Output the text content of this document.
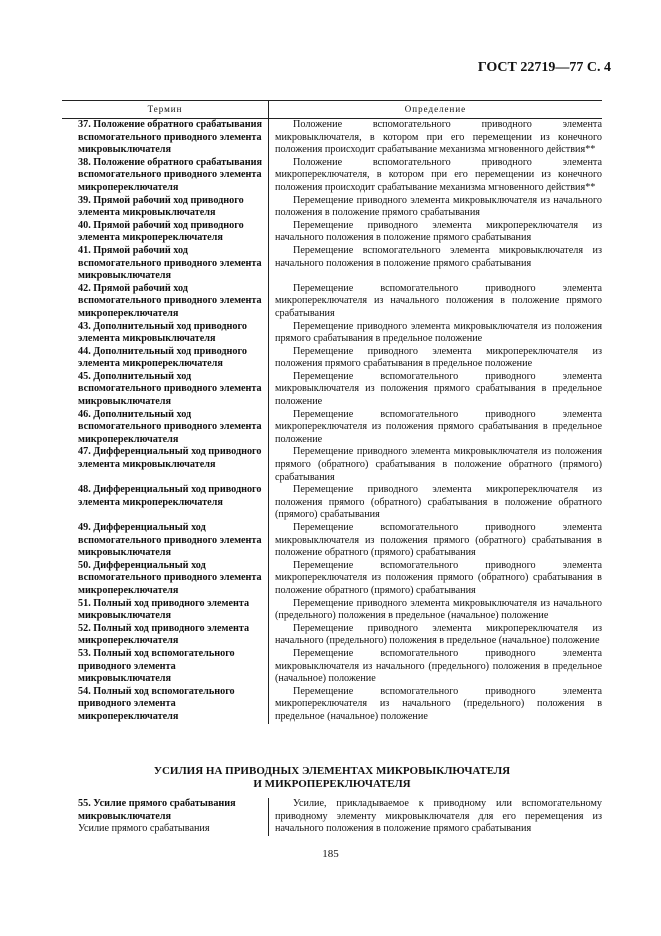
ГОСТ 22719—77 С. 4
Термин	Определение
37. Положение обратного срабатывания вспомогательного приводного элемента микровыключателя
Положение вспомогательного приводного элемента микровыключателя, в котором при его перемещении из конечного положения происходит срабатывание механизма мгновенного действия**
38. Положение обратного срабатывания вспомогательного приводного элемента микропереключателя
Положение вспомогательного приводного элемента микропереключателя, в котором при его перемещении из конечного положения происходит срабатывание механизма мгновенного действия**
39. Прямой рабочий ход приводного элемента микровыключателя
Перемещение приводного элемента микровыключателя из начального положения в положение прямого срабатывания
40. Прямой рабочий ход приводного элемента микропереключателя
Перемещение приводного элемента микропереключателя из начального положения в положение прямого срабатывания
41. Прямой рабочий ход вспомогательного приводного элемента микровыключателя
Перемещение вспомогательного элемента микровыключателя из начального положения в положение прямого срабатывания
42. Прямой рабочий ход вспомогательного приводного элемента микропереключателя
Перемещение вспомогательного приводного элемента микропереключателя из начального положения в положение прямого срабатывания
43. Дополнительный ход приводного элемента микровыключателя
Перемещение приводного элемента микровыключателя из положения прямого срабатывания в предельное положение
44. Дополнительный ход приводного элемента микропереключателя
Перемещение приводного элемента микропереключателя из положения прямого срабатывания в предельное положение
45. Дополнительный ход вспомогательного приводного элемента микровыключателя
Перемещение вспомогательного приводного элемента микровыключателя из положения прямого срабатывания в предельное положение
46. Дополнительный ход вспомогательного приводного элемента микропереключателя
Перемещение вспомогательного приводного элемента микропереключателя из положения прямого срабатывания в предельное положение
47. Дифференциальный ход приводного элемента микровыключателя
Перемещение приводного элемента микровыключателя из положения прямого (обратного) срабатывания в положение обратного (прямого) срабатывания
48. Дифференциальный ход приводного элемента микропереключателя
Перемещение приводного элемента микропереключателя из положения прямого (обратного) срабатывания в положение обратного (прямого) срабатывания
49. Дифференциальный ход вспомогательного приводного элемента микровыключателя
Перемещение вспомогательного приводного элемента микровыключателя из положения прямого (обратного) срабатывания в положение обратного (прямого) срабатывания
50. Дифференциальный ход вспомогательного приводного элемента микропереключателя
Перемещение вспомогательного приводного элемента микропереключателя из положения прямого (обратного) срабатывания в положение обратного (прямого) срабатывания
51. Полный ход приводного элемента микровыключателя
Перемещение приводного элемента микровыключателя из начального (предельного) положения в предельное (начальное) положение
52. Полный ход приводного элемента микропереключателя
Перемещение приводного элемента микропереключателя из начального (предельного) положения в предельное (начальное) положение
53. Полный ход вспомогательного приводного элемента микровыключателя
Перемещение вспомогательного приводного элемента микровыключателя из начального (предельного) положения в предельное (начальное) положение
54. Полный ход вспомогательного приводного элемента микропереключателя
Перемещение вспомогательного приводного элемента микропереключателя из начального (предельного) положения в предельное (начальное) положение
УСИЛИЯ НА ПРИВОДНЫХ ЭЛЕМЕНТАХ МИКРОВЫКЛЮЧАТЕЛЯ
И МИКРОПЕРЕКЛЮЧАТЕЛЯ
55. Усилие прямого срабатывания микровыключателя
Усилие прямого срабатывания
Усилие, прикладываемое к приводному или вспомогательному приводному элементу микровыключателя для его перемещения из начального положения в положение прямого срабатывания
185
